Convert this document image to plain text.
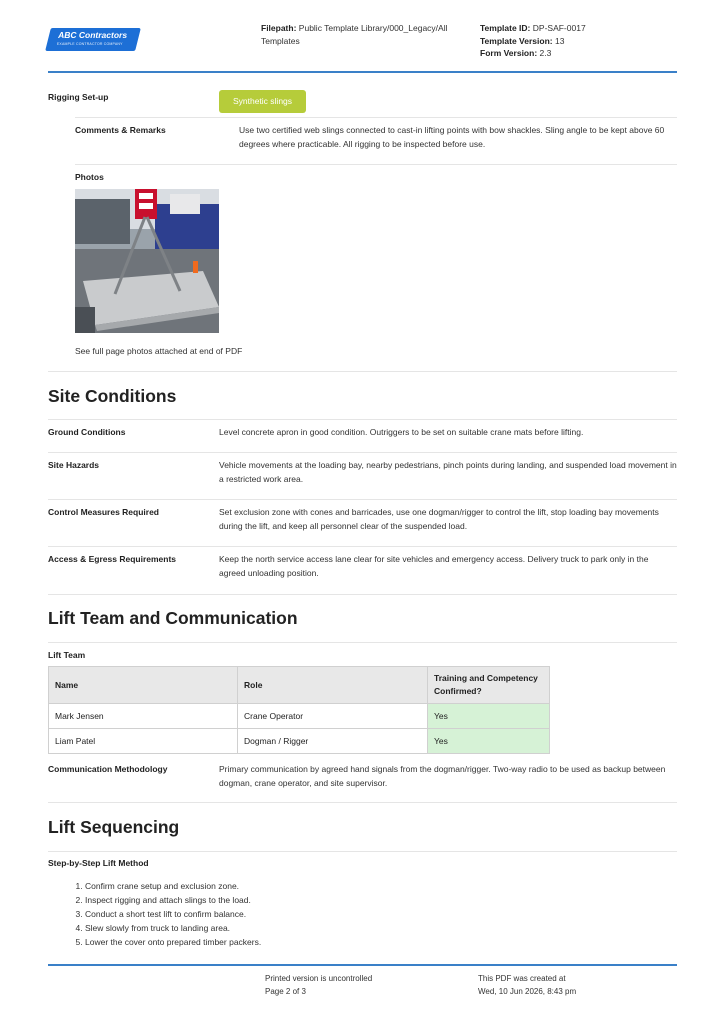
ABC Contractors
EXAMPLE CONTRACTOR COMPANY
Filepath: Public Template Library/000_Legacy/All Templates
Template ID: DP-SAF-0017
Template Version: 13
Form Version: 2.3
Rigging Set-up	Synthetic slings
Comments & Remarks	Use two certified web slings connected to cast-in lifting points with bow shackles. Sling angle to be kept above 60 degrees where practicable. All rigging to be inspected before use.
Photos
See full page photos attached at end of PDF
Site Conditions
Ground Conditions	Level concrete apron in good condition. Outriggers to be set on suitable crane mats before lifting.
Site Hazards	Vehicle movements at the loading bay, nearby pedestrians, pinch points during landing, and suspended load movement in a restricted work area.
Control Measures Required	Set exclusion zone with cones and barricades, use one dogman/rigger to control the lift, stop loading bay movements during the lift, and keep all personnel clear of the suspended load.
Access & Egress Requirements	Keep the north service access lane clear for site vehicles and emergency access. Delivery truck to park only in the agreed unloading position.
Lift Team and Communication
Lift Team
Name	Role	Training and Competency Confirmed?
Mark Jensen	Crane Operator	Yes
Liam Patel	Dogman / Rigger	Yes
Communication Methodology	Primary communication by agreed hand signals from the dogman/rigger. Two-way radio to be used as backup between dogman, crane operator, and site supervisor.
Lift Sequencing
Step-by-Step Lift Method
1. Confirm crane setup and exclusion zone.
2. Inspect rigging and attach slings to the load.
3. Conduct a short test lift to confirm balance.
4. Slew slowly from truck to landing area.
5. Lower the cover onto prepared timber packers.
Printed version is uncontrolled
Page 2 of 3
This PDF was created at
Wed, 10 Jun 2026, 8:43 pm
